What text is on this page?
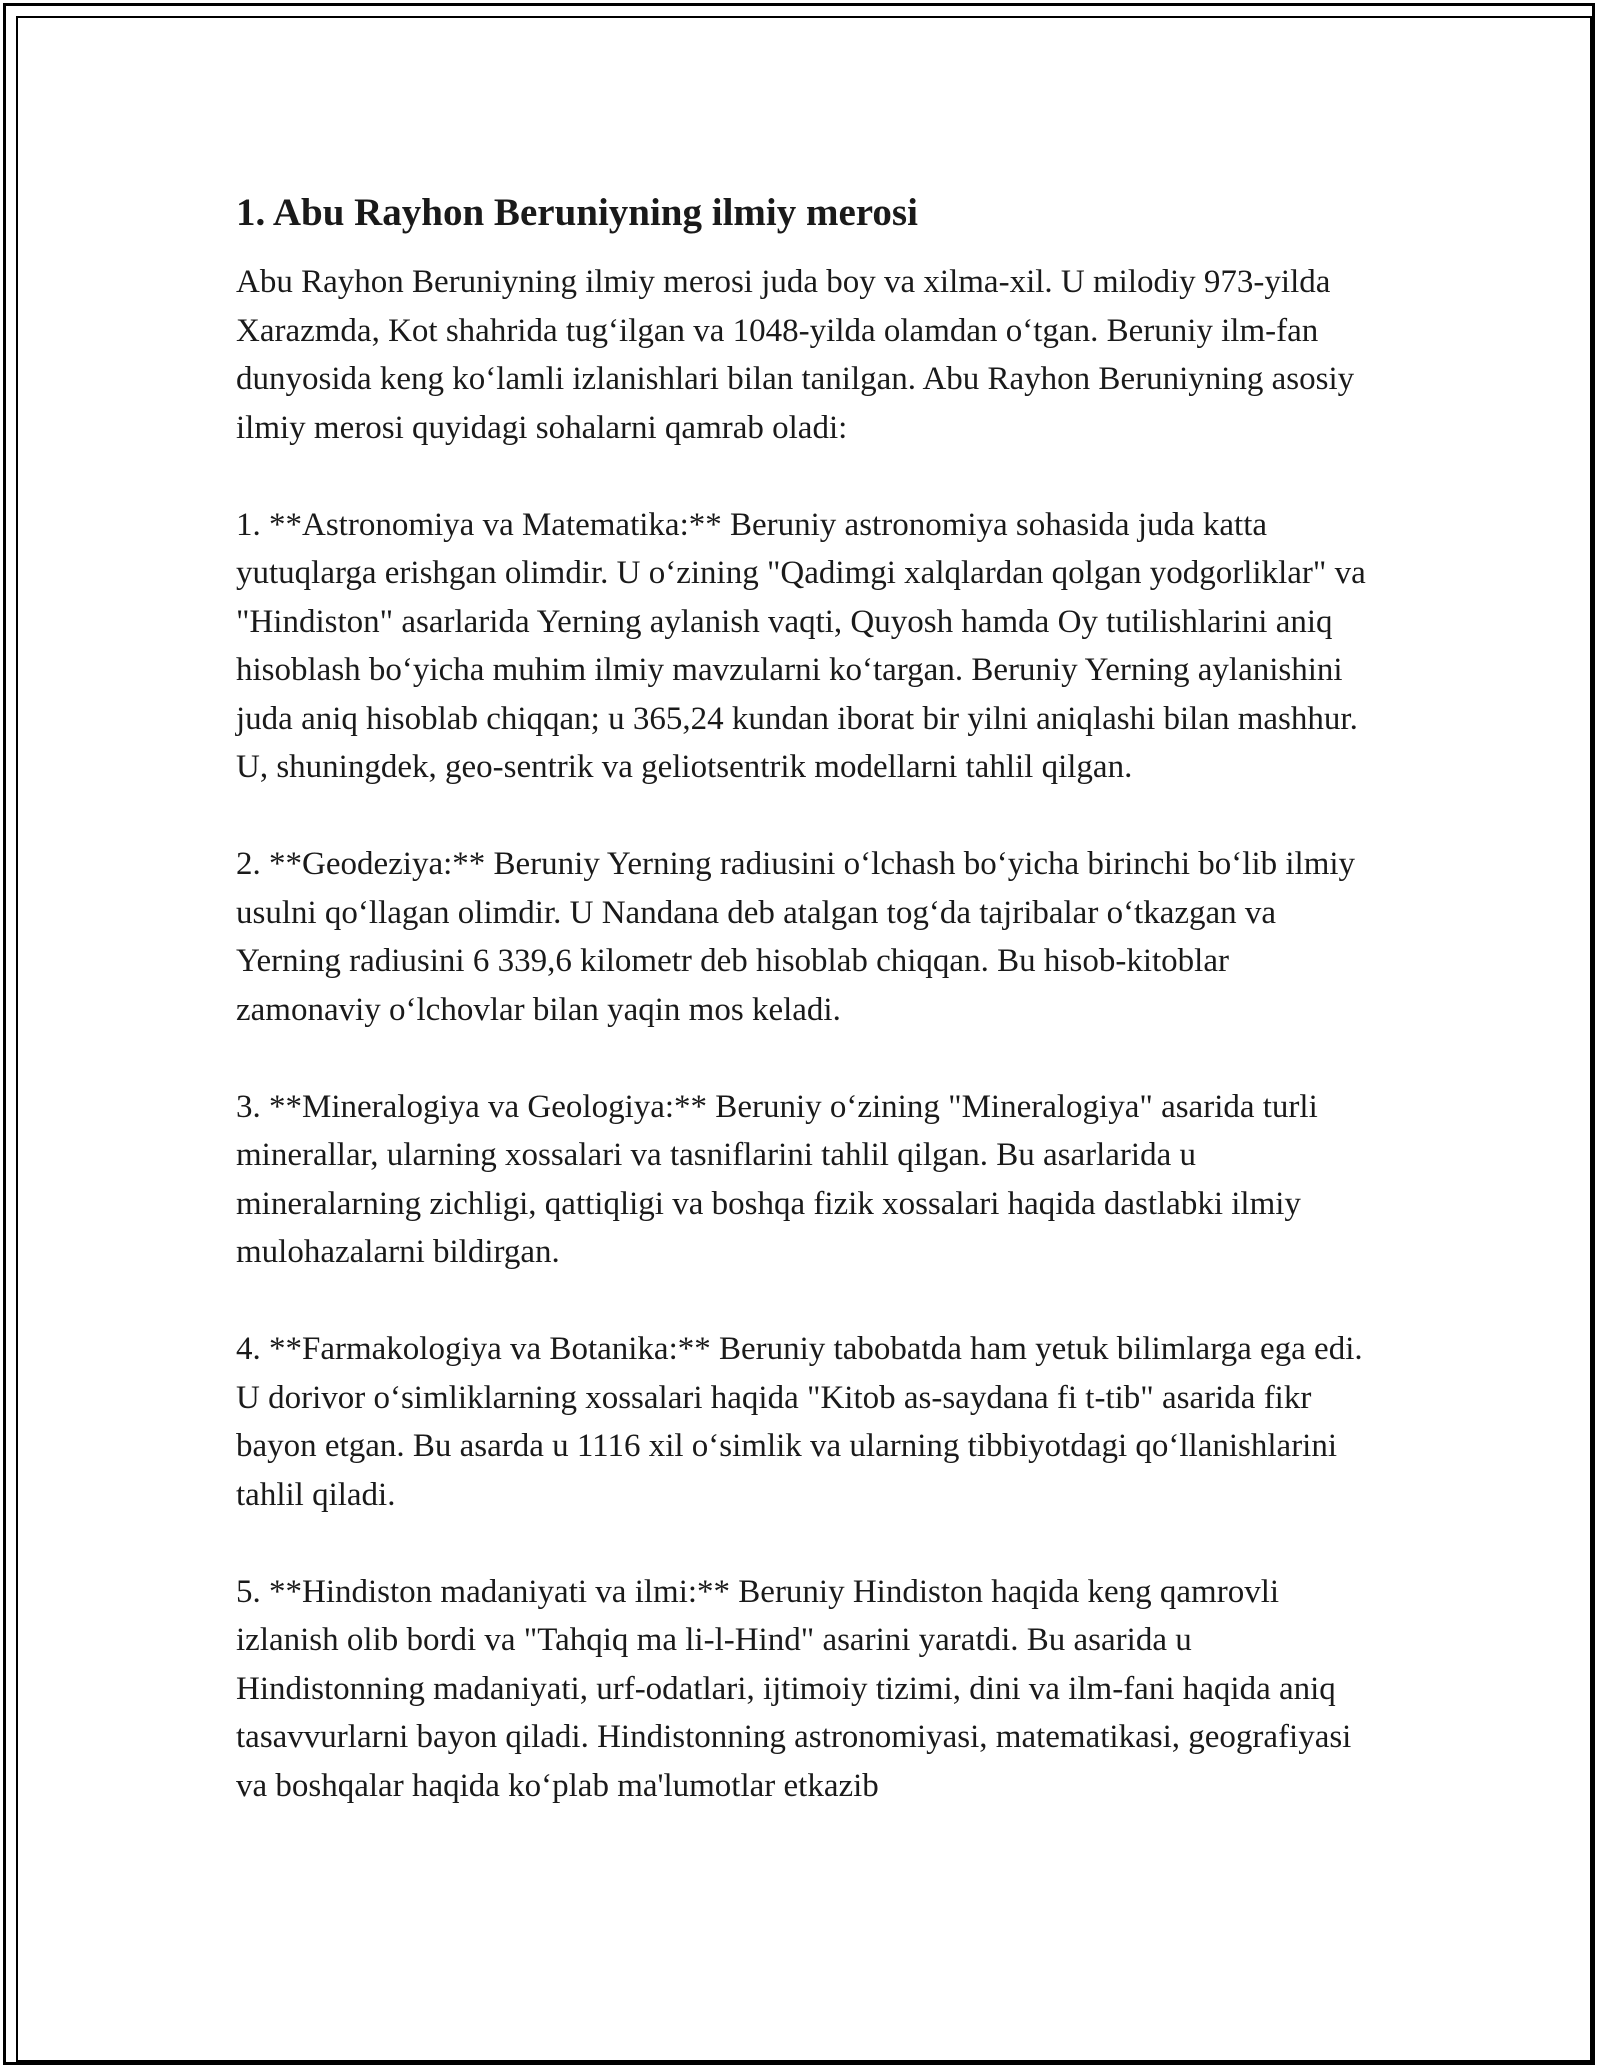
1. Abu Rayhon Beruniyning ilmiy merosi

Abu Rayhon Beruniyning ilmiy merosi juda boy va xilma-xil. U milodiy 973-yilda Xarazmda, Kot shahrida tug‘ilgan va 1048-yilda olamdan o‘tgan. Beruniy ilm-fan dunyosida keng ko‘lamli izlanishlari bilan tanilgan. Abu Rayhon Beruniyning asosiy ilmiy merosi quyidagi sohalarni qamrab oladi:

1. **Astronomiya va Matematika:** Beruniy astronomiya sohasida juda katta yutuqlarga erishgan olimdir. U o‘zining "Qadimgi xalqlardan qolgan yodgorliklar" va "Hindiston" asarlarida Yerning aylanish vaqti, Quyosh hamda Oy tutilishlarini aniq hisoblash bo‘yicha muhim ilmiy mavzularni ko‘targan. Beruniy Yerning aylanishini juda aniq hisoblab chiqqan; u 365,24 kundan iborat bir yilni aniqlashi bilan mashhur. U, shuningdek, geo-sentrik va geliotsentrik modellarni tahlil qilgan.

2. **Geodeziya:** Beruniy Yerning radiusini o‘lchash bo‘yicha birinchi bo‘lib ilmiy usulni qo‘llagan olimdir. U Nandana deb atalgan tog‘da tajribalar o‘tkazgan va Yerning radiusini 6 339,6 kilometr deb hisoblab chiqqan. Bu hisob-kitoblar zamonaviy o‘lchovlar bilan yaqin mos keladi.

3. **Mineralogiya va Geologiya:** Beruniy o‘zining "Mineralogiya" asarida turli minerallar, ularning xossalari va tasniflarini tahlil qilgan. Bu asarlarida u mineralarning zichligi, qattiqligi va boshqa fizik xossalari haqida dastlabki ilmiy mulohazalarni bildirgan.

4. **Farmakologiya va Botanika:** Beruniy tabobatda ham yetuk bilimlarga ega edi. U dorivor o‘simliklarning xossalari haqida "Kitob as-saydana fi t-tib" asarida fikr bayon etgan. Bu asarda u 1116 xil o‘simlik va ularning tibbiyotdagi qo‘llanishlarini tahlil qiladi.

5. **Hindiston madaniyati va ilmi:** Beruniy Hindiston haqida keng qamrovli izlanish olib bordi va "Tahqiq ma li-l-Hind" asarini yaratdi. Bu asarida u Hindistonning madaniyati, urf-odatlari, ijtimoiy tizimi, dini va ilm-fani haqida aniq tasavvurlarni bayon qiladi. Hindistonning astronomiyasi, matematikasi, geografiyasi va boshqalar haqida ko‘plab ma'lumotlar etkazib
